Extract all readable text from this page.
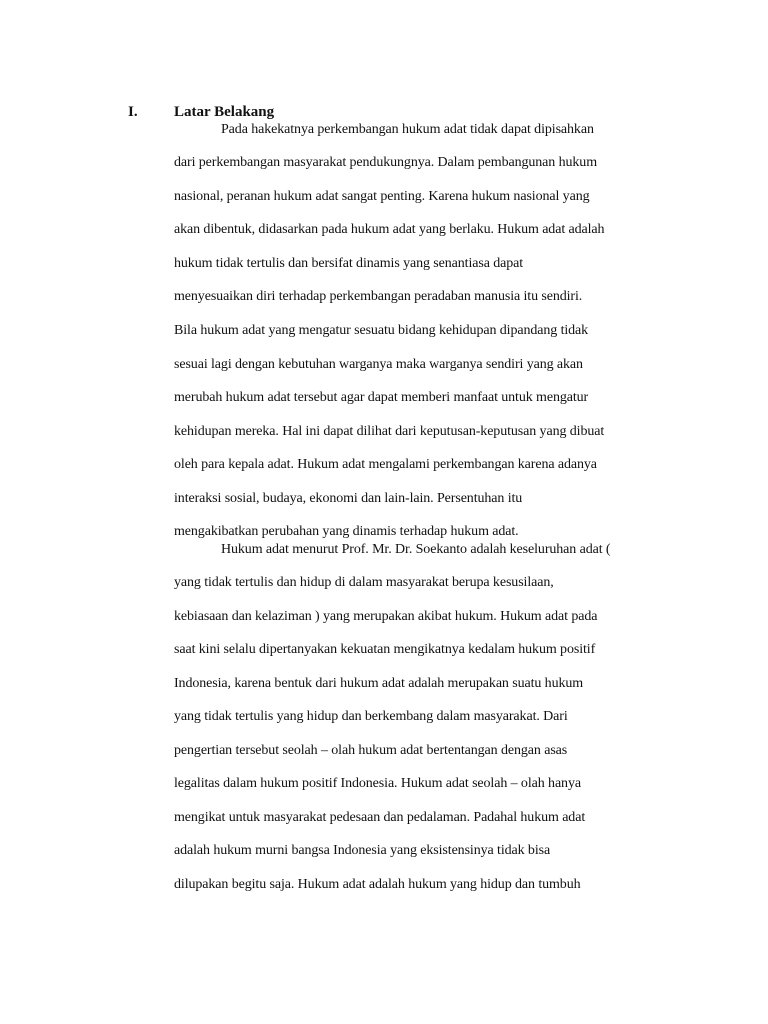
I. Latar Belakang
Pada hakekatnya perkembangan hukum adat tidak dapat dipisahkan
dari perkembangan masyarakat pendukungnya. Dalam pembangunan hukum
nasional, peranan hukum adat sangat penting. Karena hukum nasional yang
akan dibentuk, didasarkan pada hukum adat yang berlaku. Hukum adat adalah
hukum tidak tertulis dan bersifat dinamis yang senantiasa dapat
menyesuaikan diri terhadap perkembangan peradaban manusia itu sendiri.
Bila hukum adat yang mengatur sesuatu bidang kehidupan dipandang tidak
sesuai lagi dengan kebutuhan warganya maka warganya sendiri yang akan
merubah hukum adat tersebut agar dapat memberi manfaat untuk mengatur
kehidupan mereka. Hal ini dapat dilihat dari keputusan-keputusan yang dibuat
oleh para kepala adat. Hukum adat mengalami perkembangan karena adanya
interaksi sosial, budaya, ekonomi dan lain-lain. Persentuhan itu
mengakibatkan perubahan yang dinamis terhadap hukum adat.
Hukum adat menurut Prof. Mr. Dr. Soekanto adalah keseluruhan adat (
yang tidak tertulis dan hidup di dalam masyarakat berupa kesusilaan,
kebiasaan dan kelaziman ) yang merupakan akibat hukum. Hukum adat pada
saat kini selalu dipertanyakan kekuatan mengikatnya kedalam hukum positif
Indonesia, karena bentuk dari hukum adat adalah merupakan suatu hukum
yang tidak tertulis yang hidup dan berkembang dalam masyarakat. Dari
pengertian tersebut seolah – olah hukum adat bertentangan dengan asas
legalitas dalam hukum positif Indonesia. Hukum adat seolah – olah hanya
mengikat untuk masyarakat pedesaan dan pedalaman. Padahal hukum adat
adalah hukum murni bangsa Indonesia yang eksistensinya tidak bisa
dilupakan begitu saja. Hukum adat adalah hukum yang hidup dan tumbuh
